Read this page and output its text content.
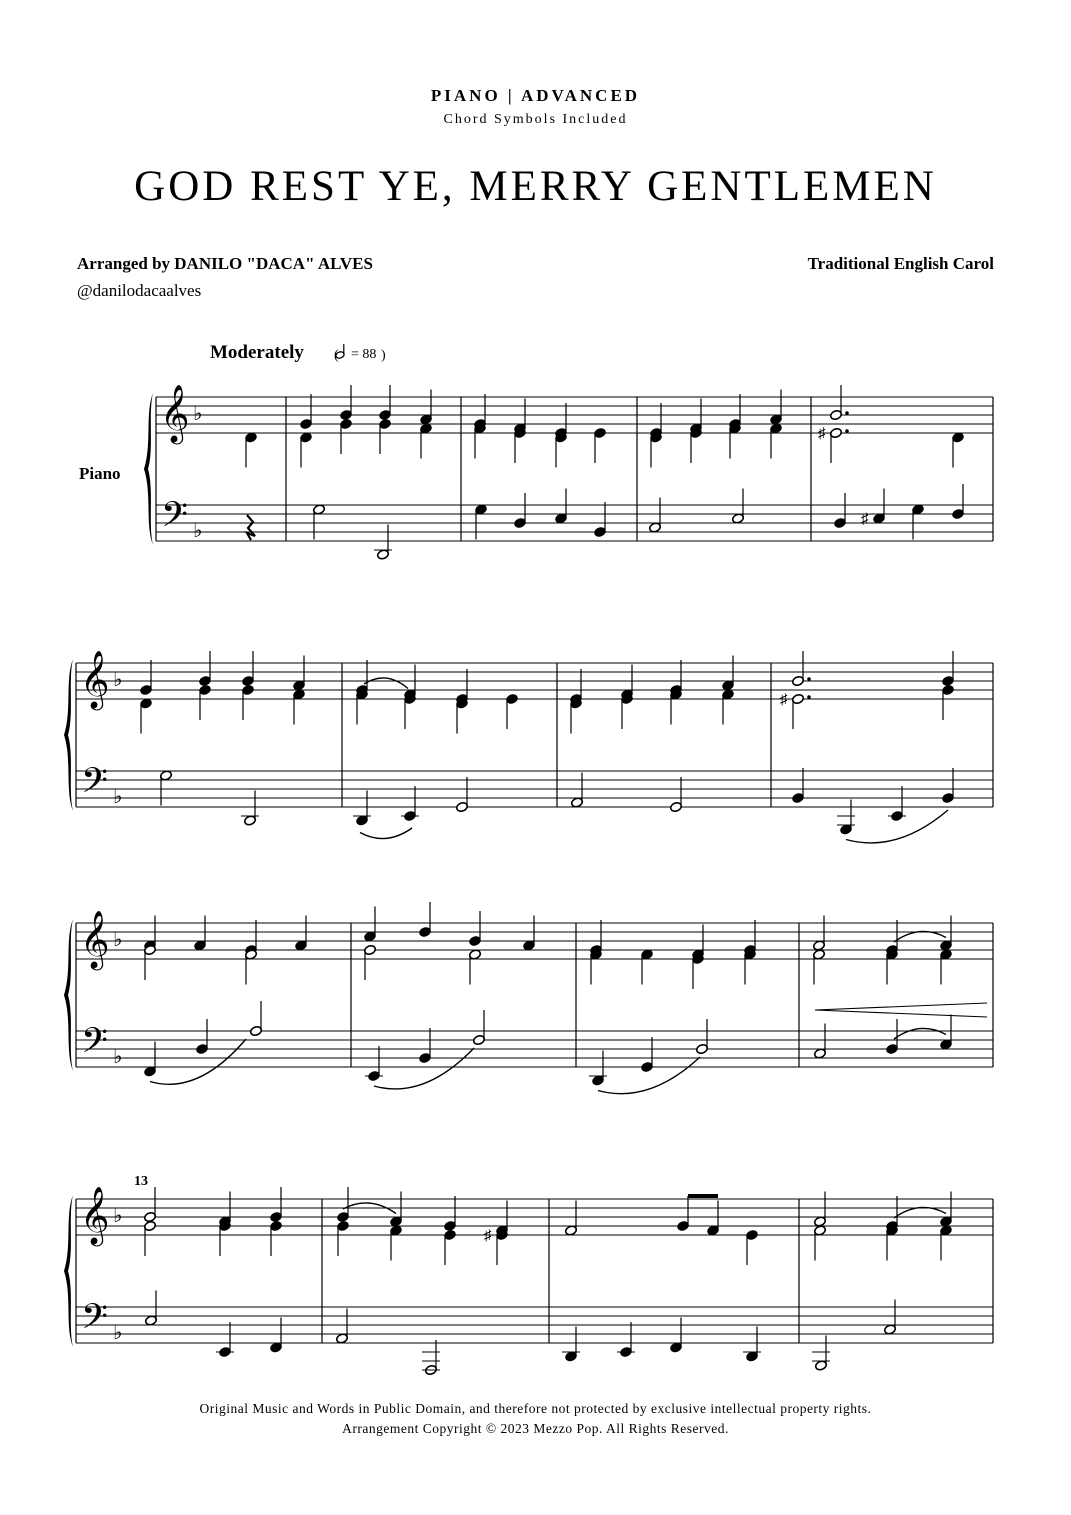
PIANO | ADVANCED
Chord Symbols Included
GOD REST YE, MERRY GENTLEMEN
Arranged by DANILO "DACA" ALVES
@danilodacaalves
Traditional English Carol
𝄞
𝄢
♭
♭
𝄞
𝄢
♭
♭
𝄞
𝄢
♭
♭
𝄞
𝄢
♭
♭
♯
♯
♯
♯
Moderately ( = 88 )
Piano
13
Original Music and Words in Public Domain, and therefore not protected by exclusive intellectual property rights.
Arrangement Copyright © 2023 Mezzo Pop. All Rights Reserved.
